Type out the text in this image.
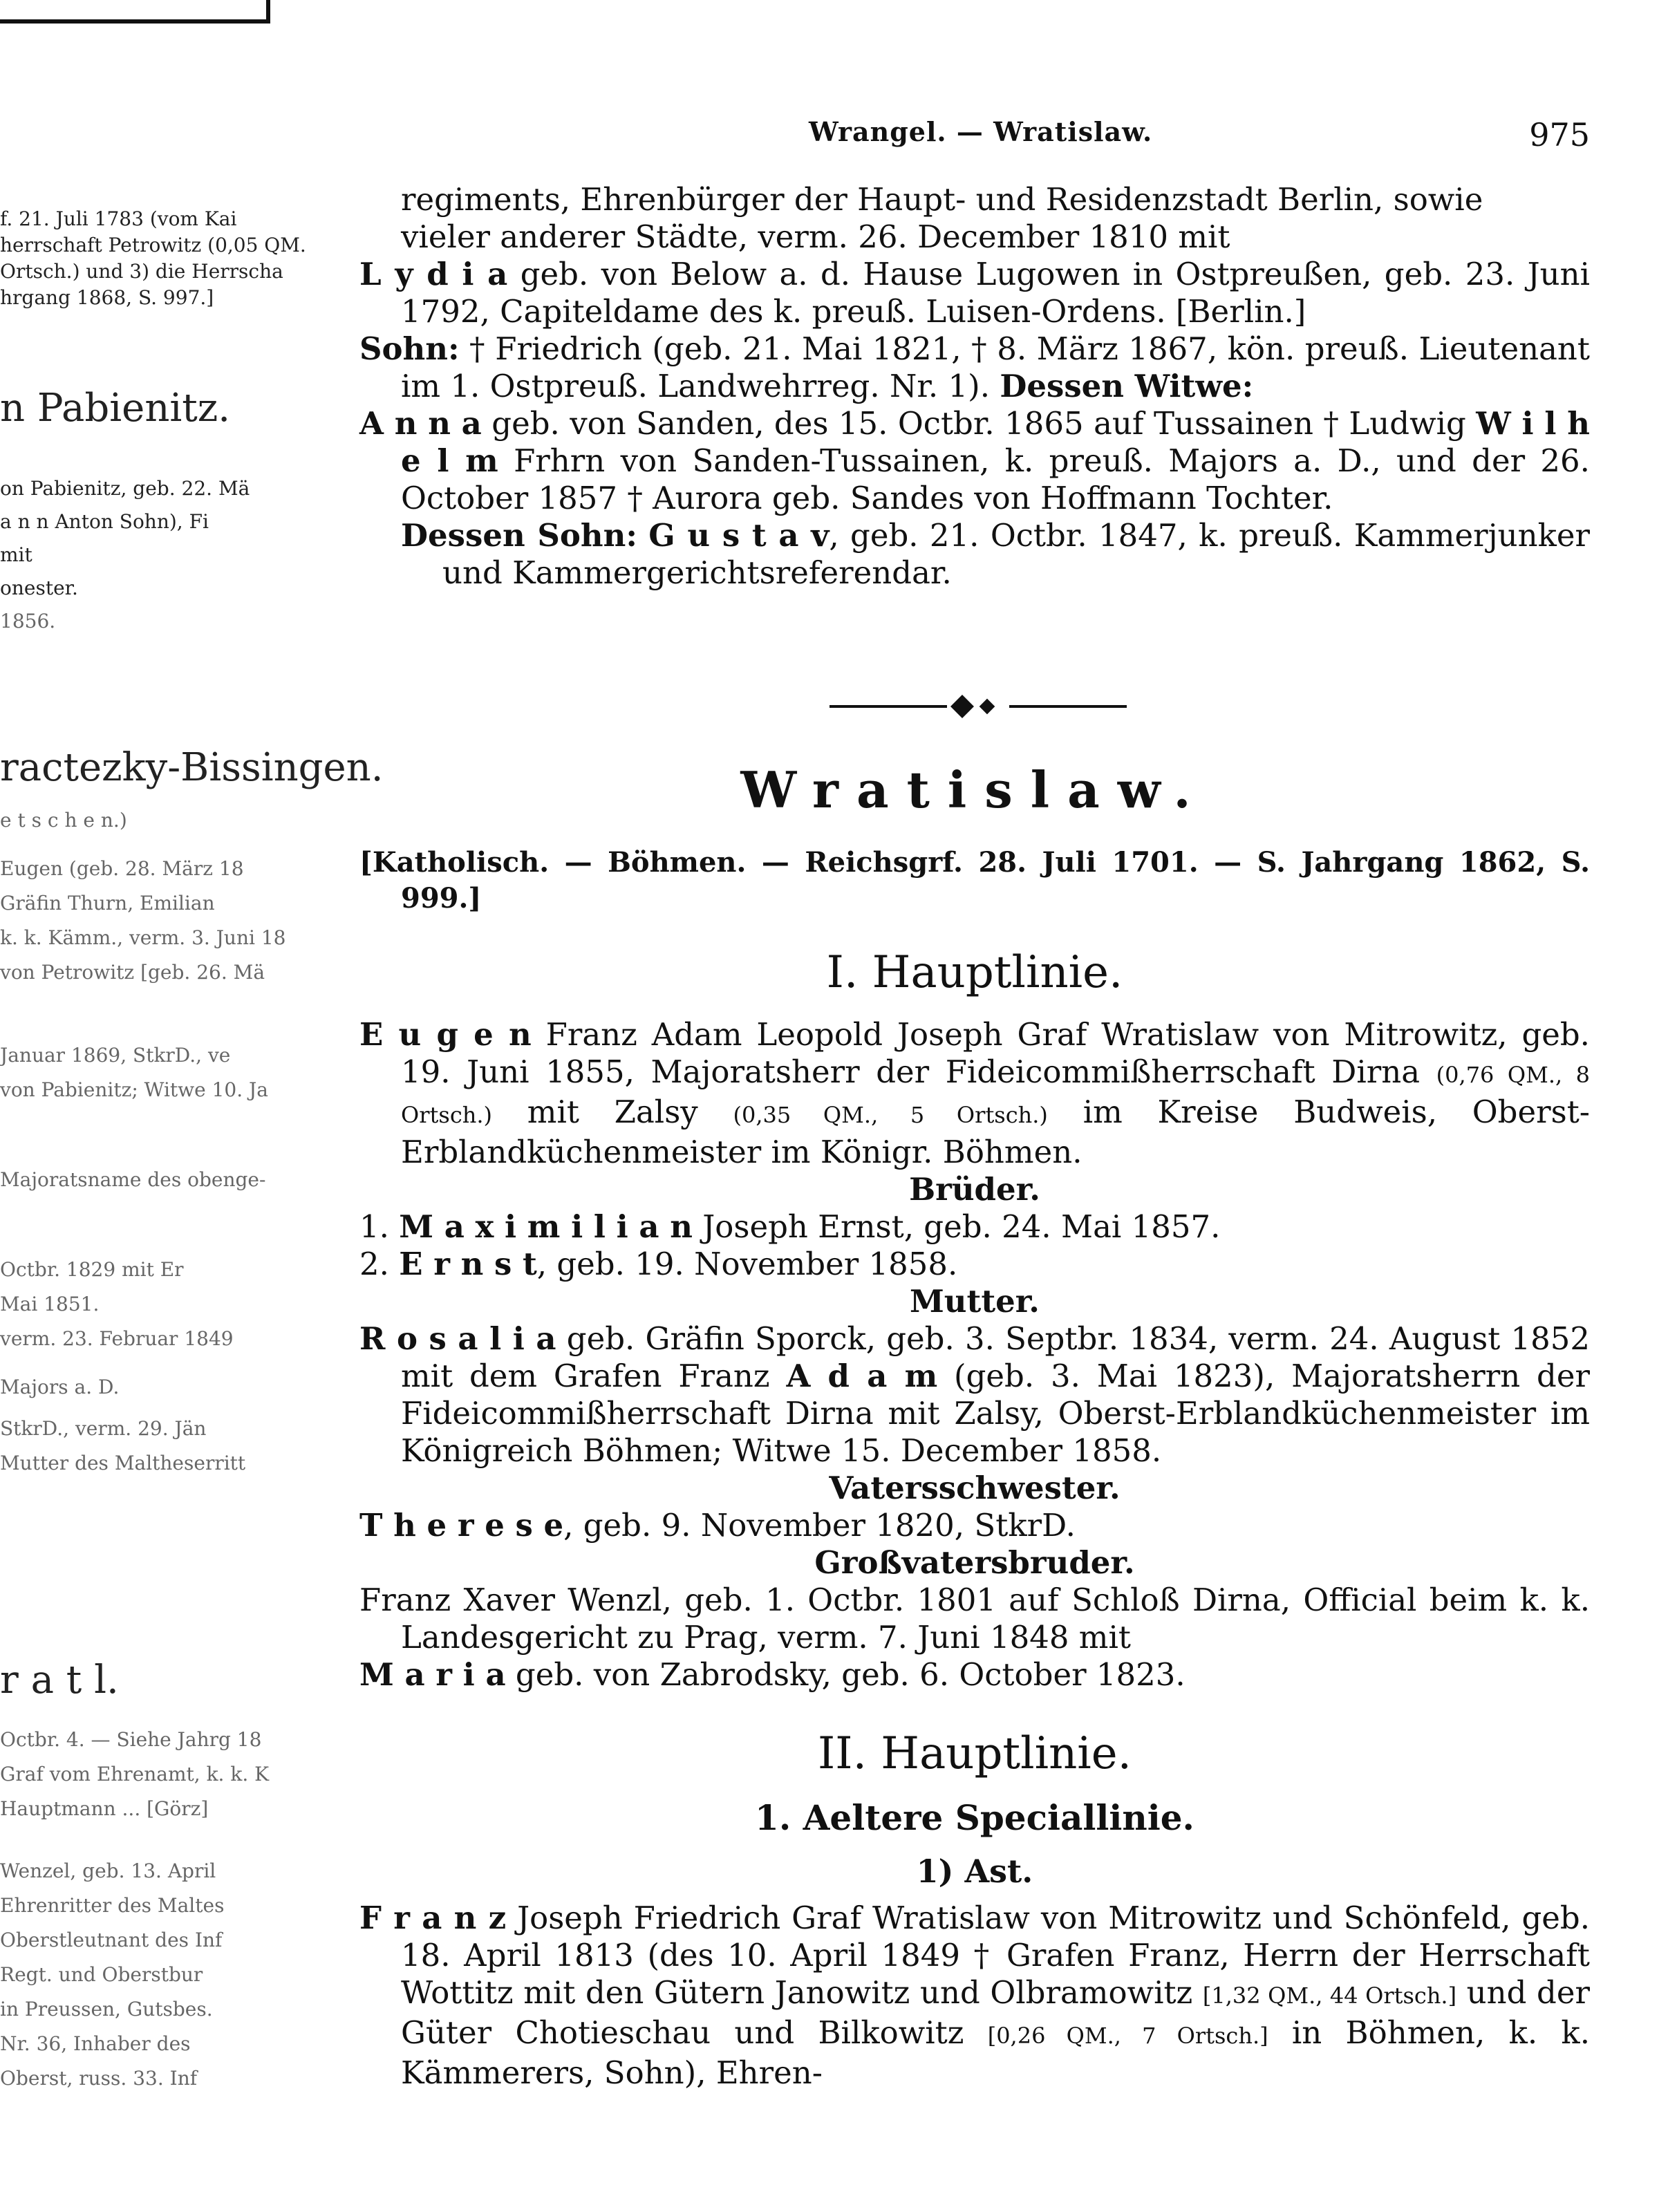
f. 21. Juli 1783 (vom Kai
herrschaft Petrowitz (0,05 QM.
Ortsch.) und 3) die Herrscha
hrgang 1868, S. 997.]
n Pabienitz.
on Pabienitz, geb. 22. Mä
a n n Anton Sohn), Fi
mit
onester.
1856.
ractezky-Bissingen.
e t s c h e n.)
Eugen (geb. 28. März 18
Gräfin Thurn, Emilian
k. k. Kämm., verm. 3. Juni 18
von Petrowitz [geb. 26. Mä
Januar 1869, StkrD., ve
von Pabienitz; Witwe 10. Ja
Majoratsname des obenge-
Octbr. 1829 mit Er
Mai 1851.
verm. 23. Februar 1849
Majors a. D.
StkrD., verm. 29. Jän
Mutter des Maltheserritt
r a t l.
Octbr. 4. — Siehe Jahrg 18
Graf vom Ehrenamt, k. k. K
Hauptmann ... [Görz]
Wenzel, geb. 13. April
Ehrenritter des Maltes
Oberstleutnant des Inf
Regt. und Oberstbur
in Preussen, Gutsbes.
Nr. 36, Inhaber des
Oberst, russ. 33. Inf
Wrangel. — Wratislaw.	975

regiments, Ehrenbürger der Haupt- und Residenzstadt Berlin, sowie

vieler anderer Städte, verm. 26. December 1810 mit

L y d i a geb. von Below a. d. Hause Lugowen in Ostpreußen, geb. 23. Juni 1792, Capiteldame des k. preuß. Luisen-Ordens. [Berlin.]

Sohn: † Friedrich (geb. 21. Mai 1821, † 8. März 1867, kön. preuß. Lieutenant im 1. Ostpreuß. Landwehrreg. Nr. 1). Dessen Witwe:

A n n a geb. von Sanden, des 15. Octbr. 1865 auf Tussainen † Ludwig W i l h e l m Frhrn von Sanden-Tussainen, k. preuß. Majors a. D., und der 26. October 1857 † Aurora geb. Sandes von Hoffmann Tochter.

Dessen Sohn: G u s t a v, geb. 21. Octbr. 1847, k. preuß. Kammerjunker und Kammergerichtsreferendar.

Wratislaw.

[Katholisch. — Böhmen. — Reichsgrf. 28. Juli 1701. — S. Jahrgang 1862, S. 999.]

I. Hauptlinie.

E u g e n Franz Adam Leopold Joseph Graf Wratislaw von Mitrowitz, geb. 19. Juni 1855, Majoratsherr der Fideicommißherrschaft Dirna (0,76 QM., 8 Ortsch.) mit Zalsy (0,35 QM., 5 Ortsch.) im Kreise Budweis, Oberst-Erblandküchenmeister im Königr. Böhmen.

Brüder.

1. M a x i m i l i a n Joseph Ernst, geb. 24. Mai 1857.

2. E r n s t, geb. 19. November 1858.

Mutter.

R o s a l i a geb. Gräfin Sporck, geb. 3. Septbr. 1834, verm. 24. August 1852 mit dem Grafen Franz A d a m (geb. 3. Mai 1823), Majoratsherrn der Fideicommißherrschaft Dirna mit Zalsy, Oberst-Erblandküchenmeister im Königreich Böhmen; Witwe 15. December 1858.

Vatersschwester.

T h e r e s e, geb. 9. November 1820, StkrD.

Großvatersbruder.

Franz Xaver Wenzl, geb. 1. Octbr. 1801 auf Schloß Dirna, Official beim k. k. Landesgericht zu Prag, verm. 7. Juni 1848 mit

M a r i a geb. von Zabrodsky, geb. 6. October 1823.

II. Hauptlinie.
1. Aeltere Speciallinie.
1) Ast.

F r a n z Joseph Friedrich Graf Wratislaw von Mitrowitz und Schönfeld, geb. 18. April 1813 (des 10. April 1849 † Grafen Franz, Herrn der Herrschaft Wottitz mit den Gütern Janowitz und Olbramowitz [1,32 QM., 44 Ortsch.] und der Güter Chotieschau und Bilkowitz [0,26 QM., 7 Ortsch.] in Böhmen, k. k. Kämmerers, Sohn), Ehren-
